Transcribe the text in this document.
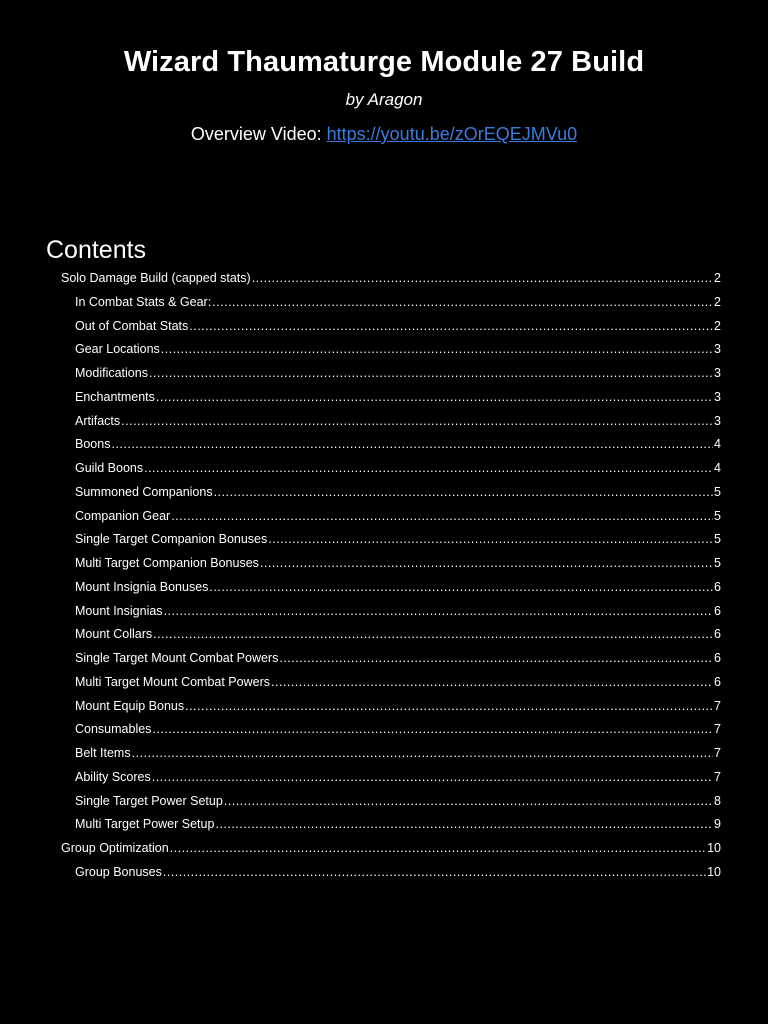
Wizard Thaumaturge Module 27 Build
by Aragon
Overview Video: https://youtu.be/zOrEQEJMVu0
Contents
Solo Damage Build (capped stats) .....	2
In Combat Stats & Gear: .....	2
Out of Combat Stats .....	2
Gear Locations .....	3
Modifications .....	3
Enchantments .....	3
Artifacts .....	3
Boons .....	4
Guild Boons .....	4
Summoned Companions .....	5
Companion Gear .....	5
Single Target Companion Bonuses .....	5
Multi Target Companion Bonuses .....	5
Mount Insignia Bonuses .....	6
Mount Insignias .....	6
Mount Collars .....	6
Single Target Mount Combat Powers .....	6
Multi Target Mount Combat Powers .....	6
Mount Equip Bonus .....	7
Consumables .....	7
Belt Items .....	7
Ability Scores .....	7
Single Target Power Setup .....	8
Multi Target Power Setup .....	9
Group Optimization .....	10
Group Bonuses .....	10
